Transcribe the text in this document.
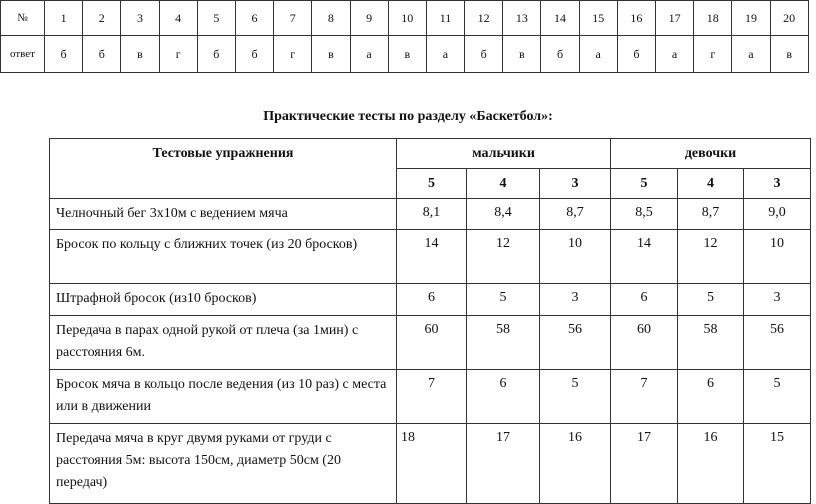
№	1	2	3	4	5	6	7	8	9	10	11	12	13	14	15	16	17	18	19	20
ответ	б	б	в	г	б	б	г	в	а	в	а	б	в	б	а	б	а	г	а	в
Практические тесты по разделу «Баскетбол»:
Тестовые упражнения	мальчики			девочки		
	5	4	3	5	4	3
Челночный бег 3х10м с ведением мяча	8,1	8,4	8,7	8,5	8,7	9,0
Бросок по кольцу с ближних точек (из 20 бросков)	14	12	10	14	12	10
Штрафной бросок (из10 бросков)	6	5	3	6	5	3
Передача в парах одной рукой от плеча (за 1мин) с расстояния 6м.	60	58	56	60	58	56
Бросок мяча в кольцо после ведения (из 10 раз) с места или в движении	7	6	5	7	6	5
Передача мяча в круг двумя руками от груди с расстояния 5м: высота 150см, диаметр 50см (20 передач)	18	17	16	17	16	15
